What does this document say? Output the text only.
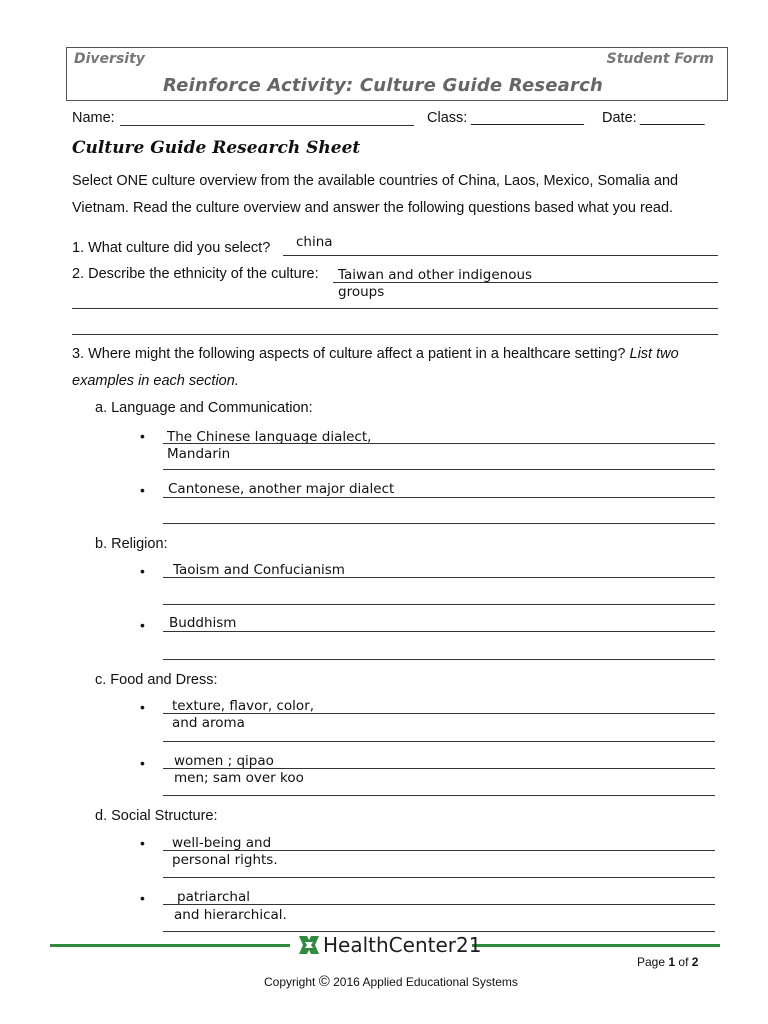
Diversity	Student Form
Reinforce Activity: Culture Guide Research
Name:	Class: ______________ Date: ________
Culture Guide Research Sheet
Select ONE culture overview from the available countries of China, Laos, Mexico, Somalia and
Vietnam. Read the culture overview and answer the following questions based what you read.
1. What culture did you select? china
2. Describe the ethnicity of the culture: Taiwan and other indigenous
groups
3. Where might the following aspects of culture affect a patient in a healthcare setting? List two
examples in each section.
a. Language and Communication:
• The Chinese language dialect,
Mandarin
• Cantonese, another major dialect
b. Religion:
• Taoism and Confucianism
• Buddhism
c. Food and Dress:
• texture, flavor, color,
and aroma
• women ; qipao
men; sam over koo
d. Social Structure:
• well-being and
personal rights.
• patriarchal
and hierarchical.
HealthCenter21
Page 1 of 2
Copyright © 2016 Applied Educational Systems
